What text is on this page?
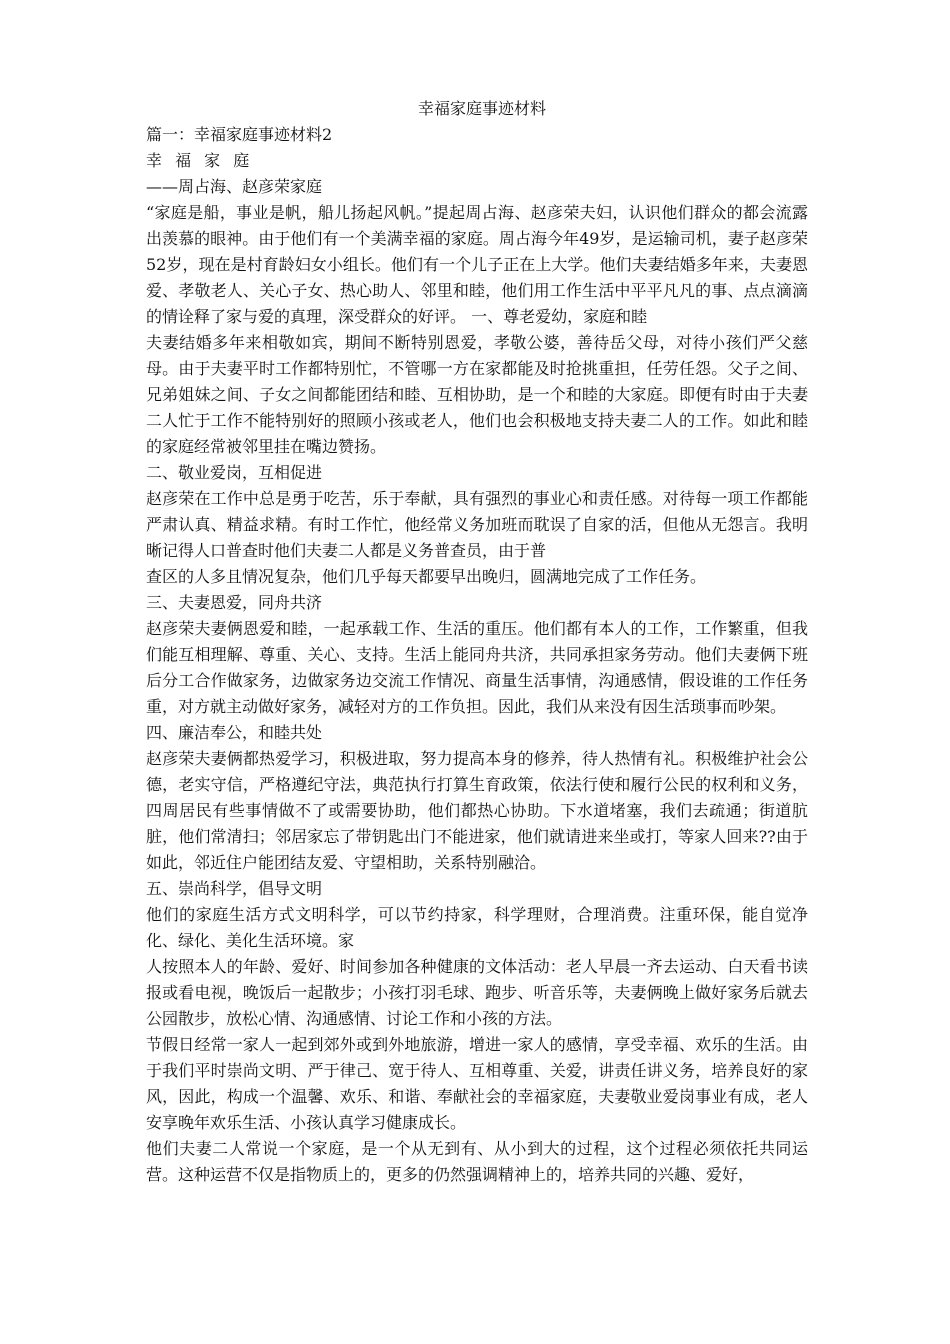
幸福家庭事迹材料
篇一：幸福家庭事迹材料2
幸 福 家 庭
——周占海、赵彦荣家庭

“家庭是船，事业是帆，船儿扬起风帆。”提起周占海、赵彦荣夫妇，认识他们群众的都会流露出羡慕的眼神。由于他们有一个美满幸福的家庭。周占海今年49岁，是运输司机，妻子赵彦荣52岁，现在是村育龄妇女小组长。他们有一个儿子正在上大学。他们夫妻结婚多年来，夫妻恩爱、孝敬老人、关心子女、热心助人、邻里和睦，他们用工作生活中平平凡凡的事、点点滴滴的情诠释了家与爱的真理，深受群众的好评。 一、尊老爱幼，家庭和睦

夫妻结婚多年来相敬如宾，期间不断特别恩爱，孝敬公婆，善待岳父母，对待小孩们严父慈母。由于夫妻平时工作都特别忙，不管哪一方在家都能及时抢挑重担，任劳任怨。父子之间、兄弟姐妹之间、子女之间都能团结和睦、互相协助，是一个和睦的大家庭。即便有时由于夫妻二人忙于工作不能特别好的照顾小孩或老人，他们也会积极地支持夫妻二人的工作。如此和睦的家庭经常被邻里挂在嘴边赞扬。

二、敬业爱岗，互相促进

赵彦荣在工作中总是勇于吃苦，乐于奉献，具有强烈的事业心和责任感。对待每一项工作都能严肃认真、精益求精。有时工作忙，他经常义务加班而耽误了自家的活，但他从无怨言。我明晰记得人口普查时他们夫妻二人都是义务普查员，由于普

查区的人多且情况复杂，他们几乎每天都要早出晚归，圆满地完成了工作任务。

三、夫妻恩爱，同舟共济

赵彦荣夫妻俩恩爱和睦，一起承载工作、生活的重压。他们都有本人的工作，工作繁重，但我们能互相理解、尊重、关心、支持。生活上能同舟共济，共同承担家务劳动。他们夫妻俩下班后分工合作做家务，边做家务边交流工作情况、商量生活事情，沟通感情，假设谁的工作任务重，对方就主动做好家务，减轻对方的工作负担。因此，我们从来没有因生活琐事而吵架。

四、廉洁奉公，和睦共处

赵彦荣夫妻俩都热爱学习，积极进取，努力提高本身的修养，待人热情有礼。积极维护社会公德，老实守信，严格遵纪守法，典范执行打算生育政策，依法行使和履行公民的权利和义务，四周居民有些事情做不了或需要协助，他们都热心协助。下水道堵塞，我们去疏通；街道肮脏，他们常清扫；邻居家忘了带钥匙出门不能进家，他们就请进来坐或打，等家人回来??由于如此，邻近住户能团结友爱、守望相助，关系特别融洽。

五、崇尚科学，倡导文明

他们的家庭生活方式文明科学，可以节约持家，科学理财，合理消费。注重环保，能自觉净化、绿化、美化生活环境。家

人按照本人的年龄、爱好、时间参加各种健康的文体活动：老人早晨一齐去运动、白天看书读报或看电视，晚饭后一起散步；小孩打羽毛球、跑步、听音乐等，夫妻俩晚上做好家务后就去公园散步，放松心情、沟通感情、讨论工作和小孩的方法。

节假日经常一家人一起到郊外或到外地旅游，增进一家人的感情，享受幸福、欢乐的生活。由于我们平时崇尚文明、严于律己、宽于待人、互相尊重、关爱，讲责任讲义务，培养良好的家风，因此，构成一个温馨、欢乐、和谐、奉献社会的幸福家庭，夫妻敬业爱岗事业有成，老人安享晚年欢乐生活、小孩认真学习健康成长。

他们夫妻二人常说一个家庭，是一个从无到有、从小到大的过程，这个过程必须依托共同运营。这种运营不仅是指物质上的，更多的仍然强调精神上的，培养共同的兴趣、爱好，
